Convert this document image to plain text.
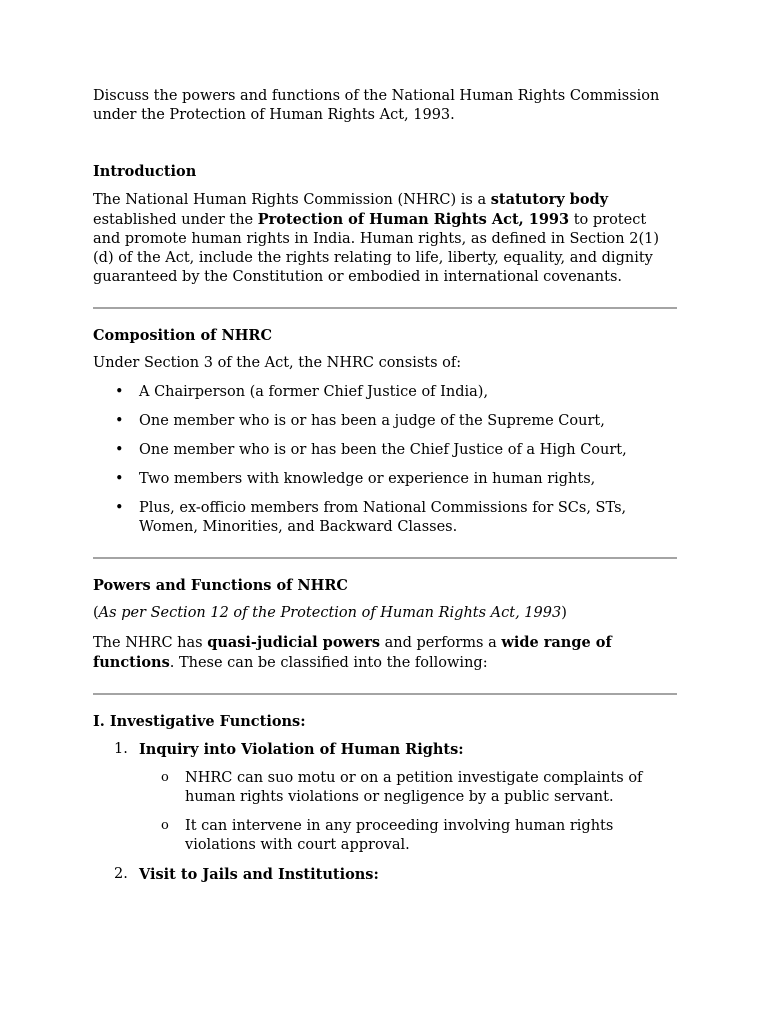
Discuss the powers and functions of the National Human Rights Commission under the Protection of Human Rights Act, 1993.

Introduction

The National Human Rights Commission (NHRC) is a statutory body established under the Protection of Human Rights Act, 1993 to protect and promote human rights in India. Human rights, as defined in Section 2(1)(d) of the Act, include the rights relating to life, liberty, equality, and dignity guaranteed by the Constitution or embodied in international covenants.

Composition of NHRC

Under Section 3 of the Act, the NHRC consists of:

• A Chairperson (a former Chief Justice of India),
• One member who is or has been a judge of the Supreme Court,
• One member who is or has been the Chief Justice of a High Court,
• Two members with knowledge or experience in human rights,
• Plus, ex-officio members from National Commissions for SCs, STs, Women, Minorities, and Backward Classes.

Powers and Functions of NHRC

(As per Section 12 of the Protection of Human Rights Act, 1993)

The NHRC has quasi-judicial powers and performs a wide range of functions. These can be classified into the following:

I. Investigative Functions:

1. Inquiry into Violation of Human Rights:
o NHRC can suo motu or on a petition investigate complaints of human rights violations or negligence by a public servant.
o It can intervene in any proceeding involving human rights violations with court approval.
2. Visit to Jails and Institutions:
